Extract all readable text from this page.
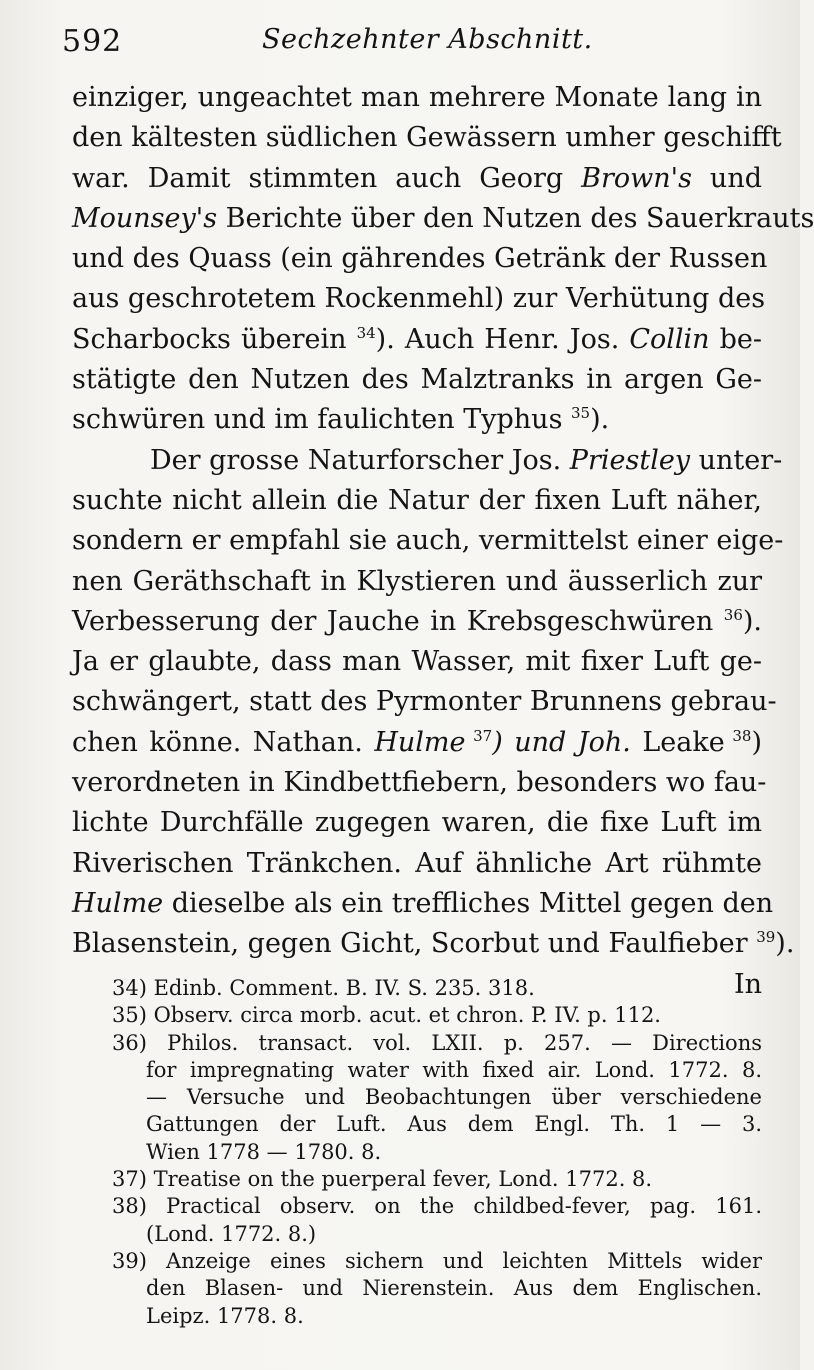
592	Sechzehnter Abschnitt.
einziger, ungeachtet man mehrere Monate lang in
den kältesten südlichen Gewässern umher geschifft
war. Damit stimmten auch Georg Brown's und
Mounsey's Berichte über den Nutzen des Sauerkrauts
und des Quass (ein gährendes Getränk der Russen
aus geschrotetem Rockenmehl) zur Verhütung des
Scharbocks überein $^{34}$). Auch Henr. Jos. Collin be-
stätigte den Nutzen des Malztranks in argen Ge-
schwüren und im faulichten Typhus $^{35}$).
Der grosse Naturforscher Jos. Priestley unter-
suchte nicht allein die Natur der fixen Luft näher,
sondern er empfahl sie auch, vermittelst einer eige-
nen Geräthschaft in Klystieren und äusserlich zur
Verbesserung der Jauche in Krebsgeschwüren $^{36}$).
Ja er glaubte, dass man Wasser, mit fixer Luft ge-
schwängert, statt des Pyrmonter Brunnens gebrau-
chen könne. Nathan. Hulme $^{37}$) und Joh. Leake $^{38}$)
verordneten in Kindbettfiebern, besonders wo fau-
lichte Durchfälle zugegen waren, die fixe Luft im
Riverischen Tränkchen. Auf ähnliche Art rühmte
Hulme dieselbe als ein treffliches Mittel gegen den
Blasenstein, gegen Gicht, Scorbut und Faulfieber $^{39}$).
In
34) Edinb. Comment. B. IV. S. 235. 318.
35) Observ. circa morb. acut. et chron. P. IV. p. 112.
36) Philos. transact. vol. LXII. p. 257. — Directions
for impregnating water with fixed air. Lond. 1772. 8.
— Versuche und Beobachtungen über verschiedene
Gattungen der Luft. Aus dem Engl. Th. 1 — 3.
Wien 1778 — 1780. 8.
37) Treatise on the puerperal fever, Lond. 1772. 8.
38) Practical observ. on the childbed-fever, pag. 161.
(Lond. 1772. 8.)
39) Anzeige eines sichern und leichten Mittels wider
den Blasen- und Nierenstein. Aus dem Englischen.
Leipz. 1778. 8.
